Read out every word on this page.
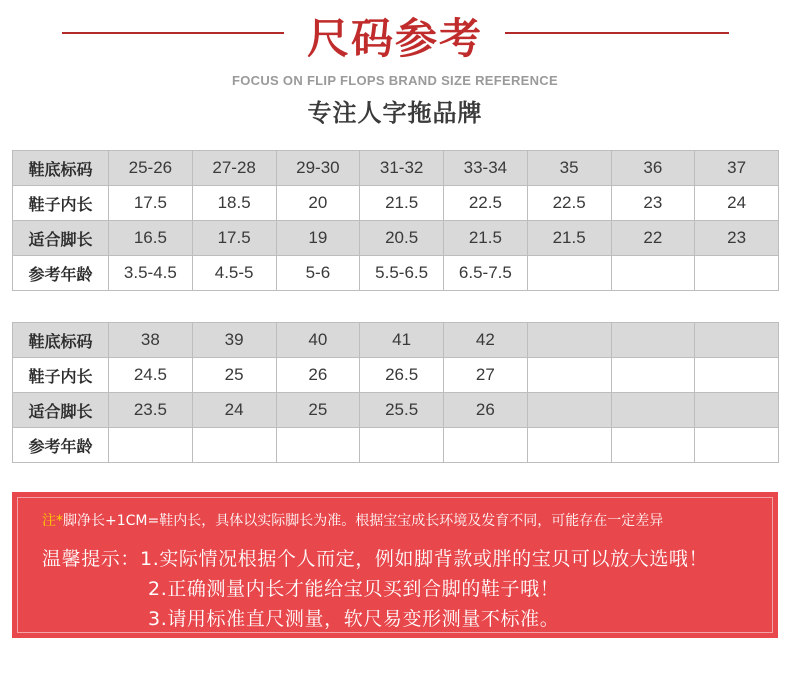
尺码参考
FOCUS ON FLIP FLOPS BRAND SIZE REFERENCE
专注人字拖品牌
鞋底标码	25-26	27-28	29-30	31-32	33-34	35	36	37
鞋子内长	17.5	18.5	20	21.5	22.5	22.5	23	24
适合脚长	16.5	17.5	19	20.5	21.5	21.5	22	23
参考年龄	3.5-4.5	4.5-5	5-6	5.5-6.5	6.5-7.5			
鞋底标码	38	39	40	41	42			
鞋子内长	24.5	25	26	26.5	27			
适合脚长	23.5	24	25	25.5	26			
参考年龄								
注*脚净长+1CM=鞋内长，具体以实际脚长为准。根据宝宝成长环境及发育不同，可能存在一定差异
温馨提示：1.实际情况根据个人而定，例如脚背款或胖的宝贝可以放大选哦！
2.正确测量内长才能给宝贝买到合脚的鞋子哦！
3.请用标准直尺测量，软尺易变形测量不标准。
